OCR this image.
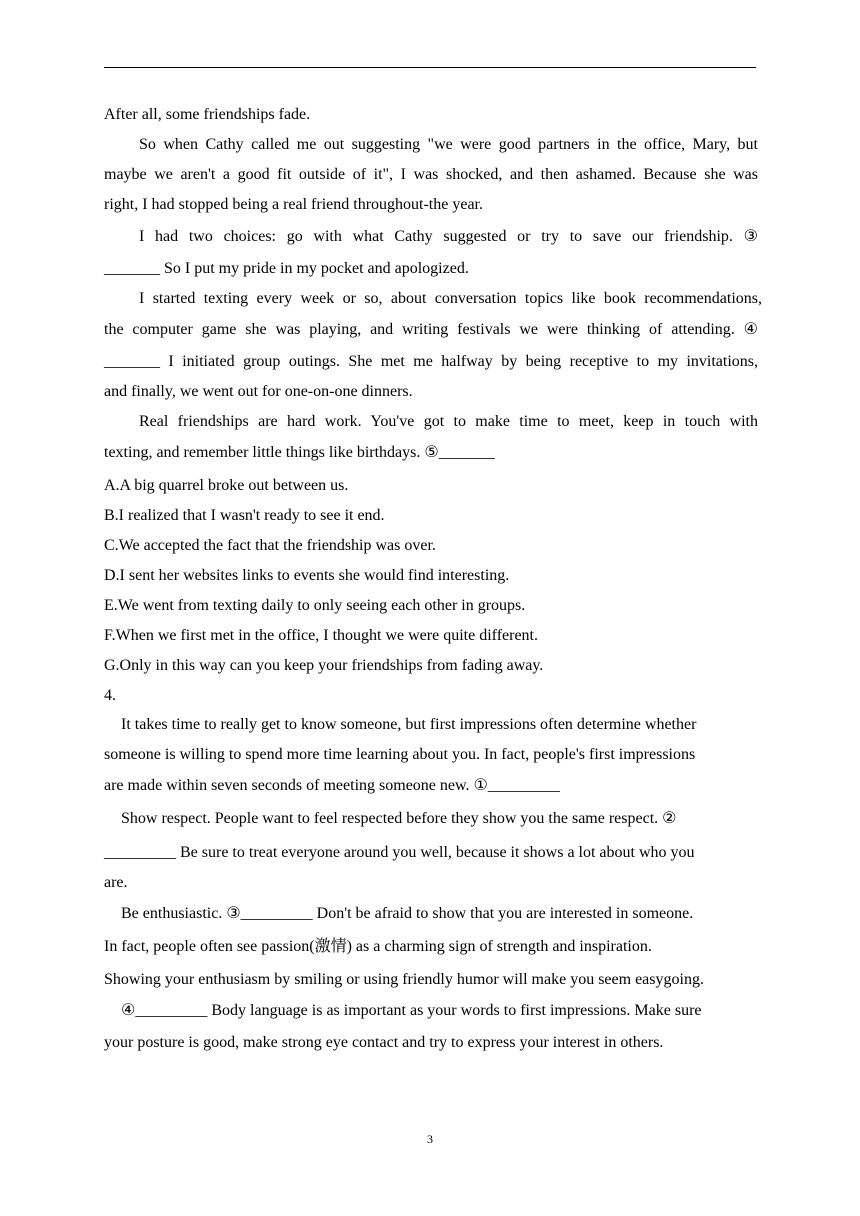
After all, some friendships fade.
So when Cathy called me out suggesting "we were good partners in the office, Mary, but
maybe we aren't a good fit outside of it", I was shocked, and then ashamed. Because she was
right, I had stopped being a real friend throughout-the year.
I had two choices: go with what Cathy suggested or try to save our friendship. ③
_______ So I put my pride in my pocket and apologized.
I started texting every week or so, about conversation topics like book recommendations,
the computer game she was playing, and writing festivals we were thinking of attending. ④
_______ I initiated group outings. She met me halfway by being receptive to my invitations,
and finally, we went out for one-on-one dinners.
Real friendships are hard work. You've got to make time to meet, keep in touch with
texting, and remember little things like birthdays. ⑤_______
A.A big quarrel broke out between us.
B.I realized that I wasn't ready to see it end.
C.We accepted the fact that the friendship was over.
D.I sent her websites links to events she would find interesting.
E.We went from texting daily to only seeing each other in groups.
F.When we first met in the office, I thought we were quite different.
G.Only in this way can you keep your friendships from fading away.
4.
It takes time to really get to know someone, but first impressions often determine whether
someone is willing to spend more time learning about you. In fact, people's first impressions
are made within seven seconds of meeting someone new. ①_________
Show respect. People want to feel respected before they show you the same respect. ②
_________ Be sure to treat everyone around you well, because it shows a lot about who you
are.
Be enthusiastic. ③_________ Don't be afraid to show that you are interested in someone.
In fact, people often see passion(激情) as a charming sign of strength and inspiration.
Showing your enthusiasm by smiling or using friendly humor will make you seem easygoing.
④_________ Body language is as important as your words to first impressions. Make sure
your posture is good, make strong eye contact and try to express your interest in others.
3
